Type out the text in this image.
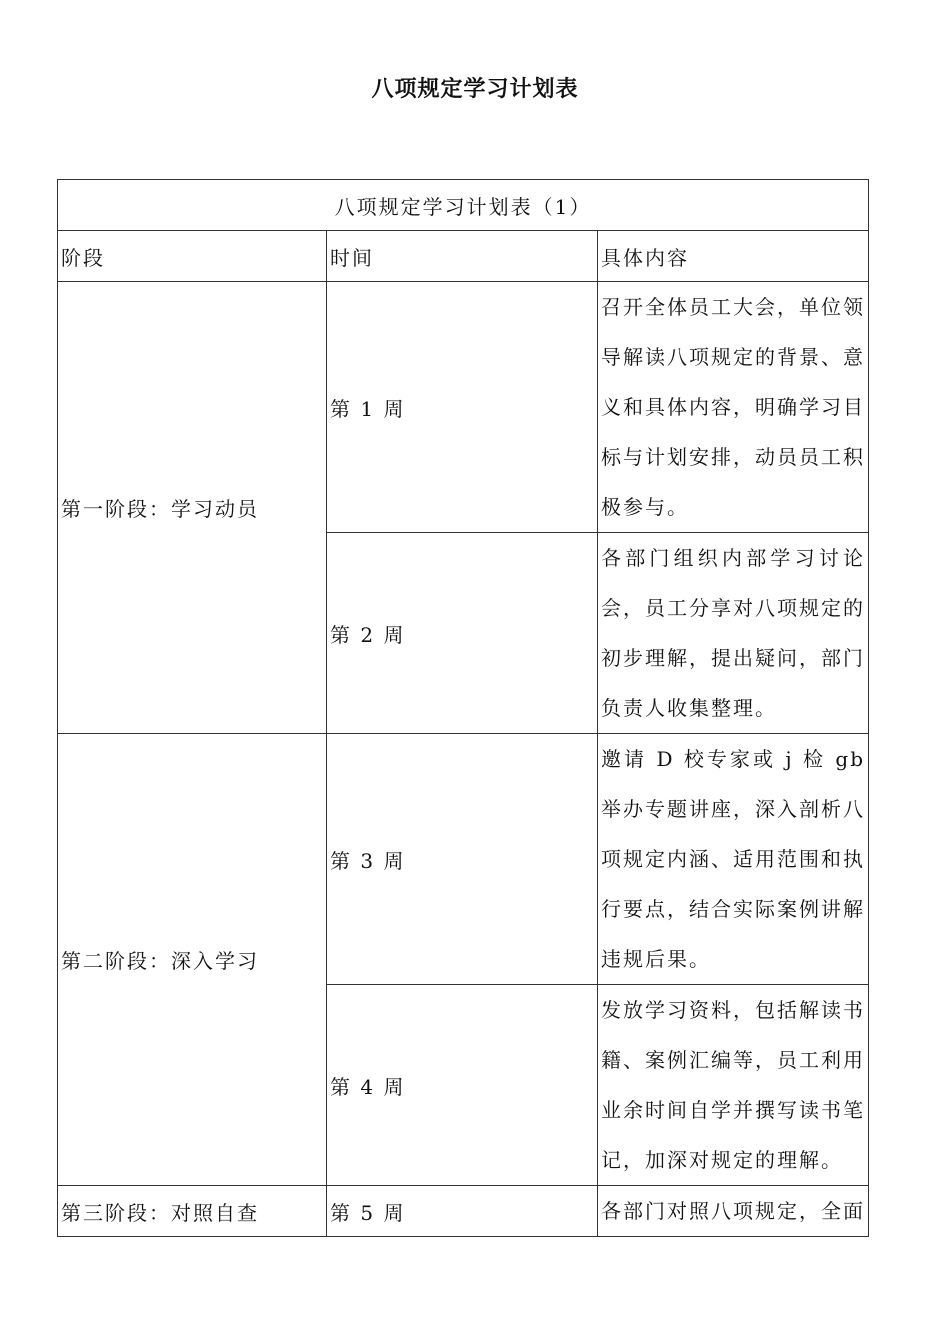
八项规定学习计划表
八项规定学习计划表（1）		
阶段	时间	具体内容
第一阶段：学习动员	第 1 周	召开全体员工大会，单位领导解读八项规定的背景、意义和具体内容，明确学习目标与计划安排，动员员工积极参与。
	第 2 周	各部门组织内部学习讨论会，员工分享对八项规定的初步理解，提出疑问，部门负责人收集整理。
第二阶段：深入学习	第 3 周	邀请 D 校专家或 j 检 gb 举办专题讲座，深入剖析八项规定内涵、适用范围和执行要点，结合实际案例讲解违规后果。
	第 4 周	发放学习资料，包括解读书籍、案例汇编等，员工利用业余时间自学并撰写读书笔记，加深对规定的理解。
第三阶段：对照自查	第 5 周	各部门对照八项规定，全面
